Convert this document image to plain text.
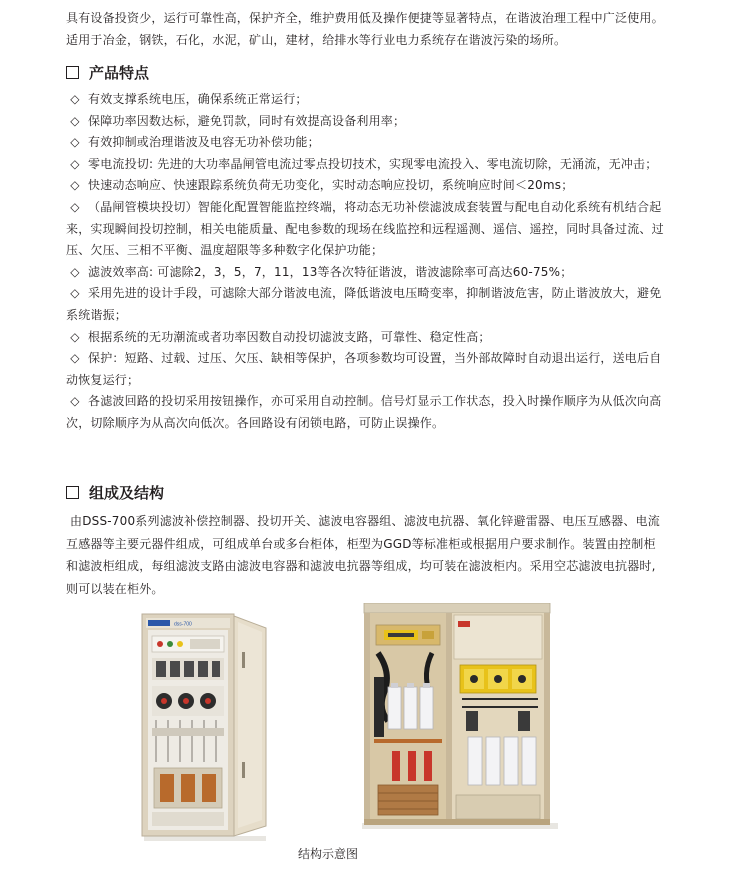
具有设备投资少，运行可靠性高，保护齐全，维护费用低及操作便捷等显著特点，在谐波治理工程中广泛使用。
适用于冶金，钢铁，石化，水泥，矿山，建材，给排水等行业电力系统存在谐波污染的场所。
产品特点
◇ 有效支撑系统电压，确保系统正常运行；
◇ 保障功率因数达标，避免罚款，同时有效提高设备利用率；
◇ 有效抑制或治理谐波及电容无功补偿功能；
◇ 零电流投切: 先进的大功率晶闸管电流过零点投切技术，实现零电流投入、零电流切除，无涌流，无冲击；
◇ 快速动态响应、快速跟踪系统负荷无功变化，实时动态响应投切，系统响应时间＜20ms；
◇ （晶闸管模块投切）智能化配置智能监控终端，将动态无功补偿滤波成套装置与配电自动化系统有机结合起来，实现瞬间投切控制，相关电能质量、配电参数的现场在线监控和远程遥测、遥信、遥控，同时具备过流、过压、欠压、三相不平衡、温度超限等多种数字化保护功能；
◇ 滤波效率高: 可滤除2，3，5，7，11，13等各次特征谐波，谐波滤除率可高达60-75%；
◇ 采用先进的设计手段，可滤除大部分谐波电流，降低谐波电压畸变率，抑制谐波危害，防止谐波放大，避免系统谐振；
◇ 根据系统的无功潮流或者功率因数自动投切滤波支路，可靠性、稳定性高；
◇ 保护：短路、过载、过压、欠压、缺相等保护，各项参数均可设置，当外部故障时自动退出运行，送电后自动恢复运行；
◇ 各滤波回路的投切采用按钮操作，亦可采用自动控制。信号灯显示工作状态，投入时操作顺序为从低次向高次，切除顺序为从高次向低次。各回路设有闭锁电路，可防止误操作。
组成及结构
由DSS-700系列滤波补偿控制器、投切开关、滤波电容器组、滤波电抗器、氧化锌避雷器、电压互感器、电流互感器等主要元器件组成，可组成单台或多台柜体，柜型为GGD等标准柜或根据用户要求制作。装置由控制柜和滤波柜组成，每组滤波支路由滤波电容器和滤波电抗器等组成，均可装在滤波柜内。采用空芯滤波电抗器时,则可以装在柜外。
dss-700
结构示意图
